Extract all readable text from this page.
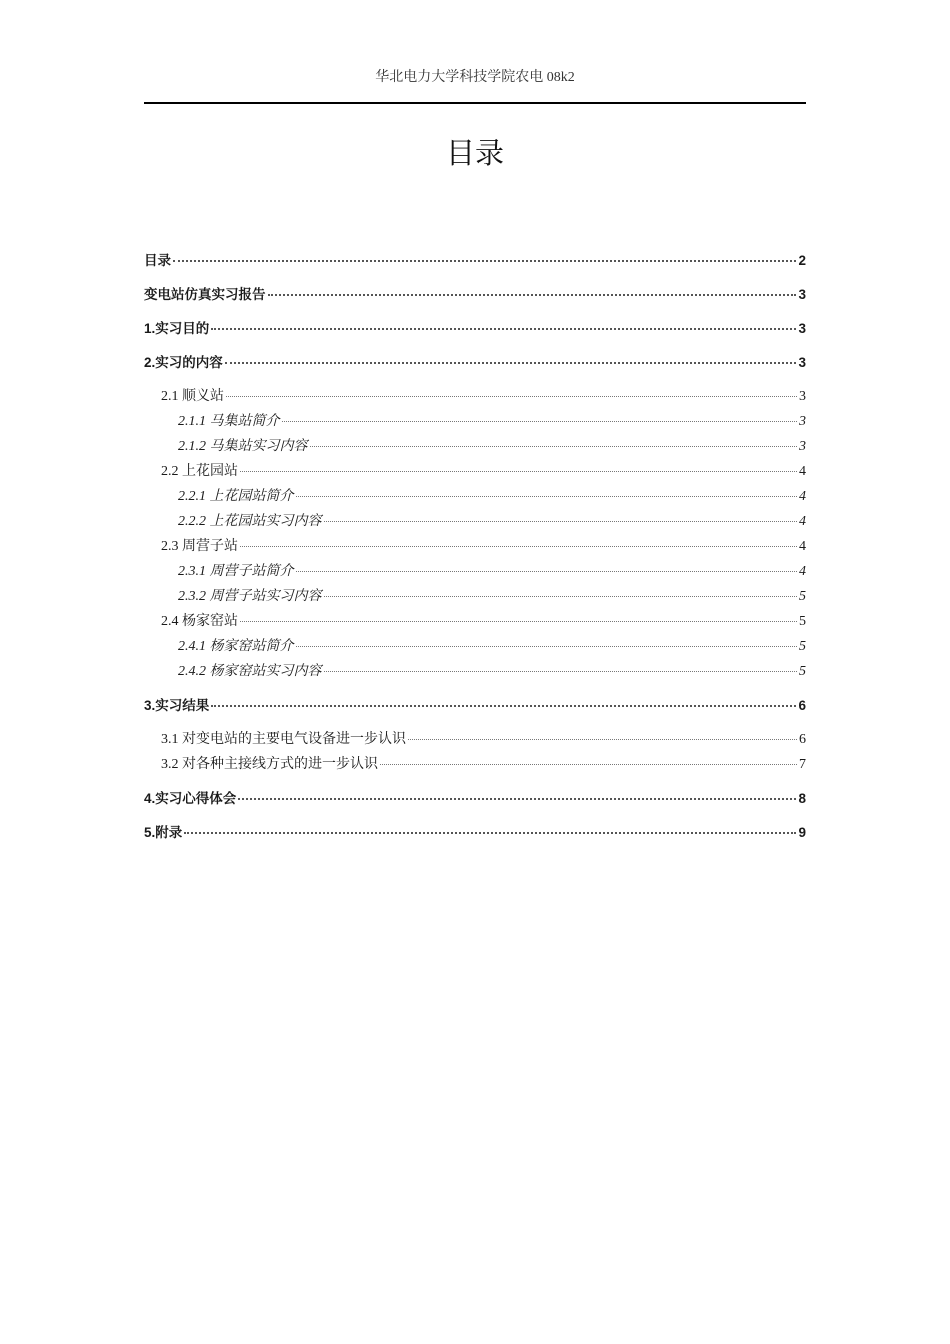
华北电力大学科技学院农电 08k2
目录
目录	2
变电站仿真实习报告	3
1.实习目的	3
2.实习的内容	3
2.1 顺义站	3
2.1.1 马集站简介	3
2.1.2 马集站实习内容	3
2.2 上花园站	4
2.2.1 上花园站简介	4
2.2.2 上花园站实习内容	4
2.3 周营子站	4
2.3.1 周营子站简介	4
2.3.2 周营子站实习内容	5
2.4 杨家窑站	5
2.4.1 杨家窑站简介	5
2.4.2 杨家窑站实习内容	5
3.实习结果	6
3.1 对变电站的主要电气设备进一步认识	6
3.2 对各种主接线方式的进一步认识	7
4.实习心得体会	8
5.附录	9
